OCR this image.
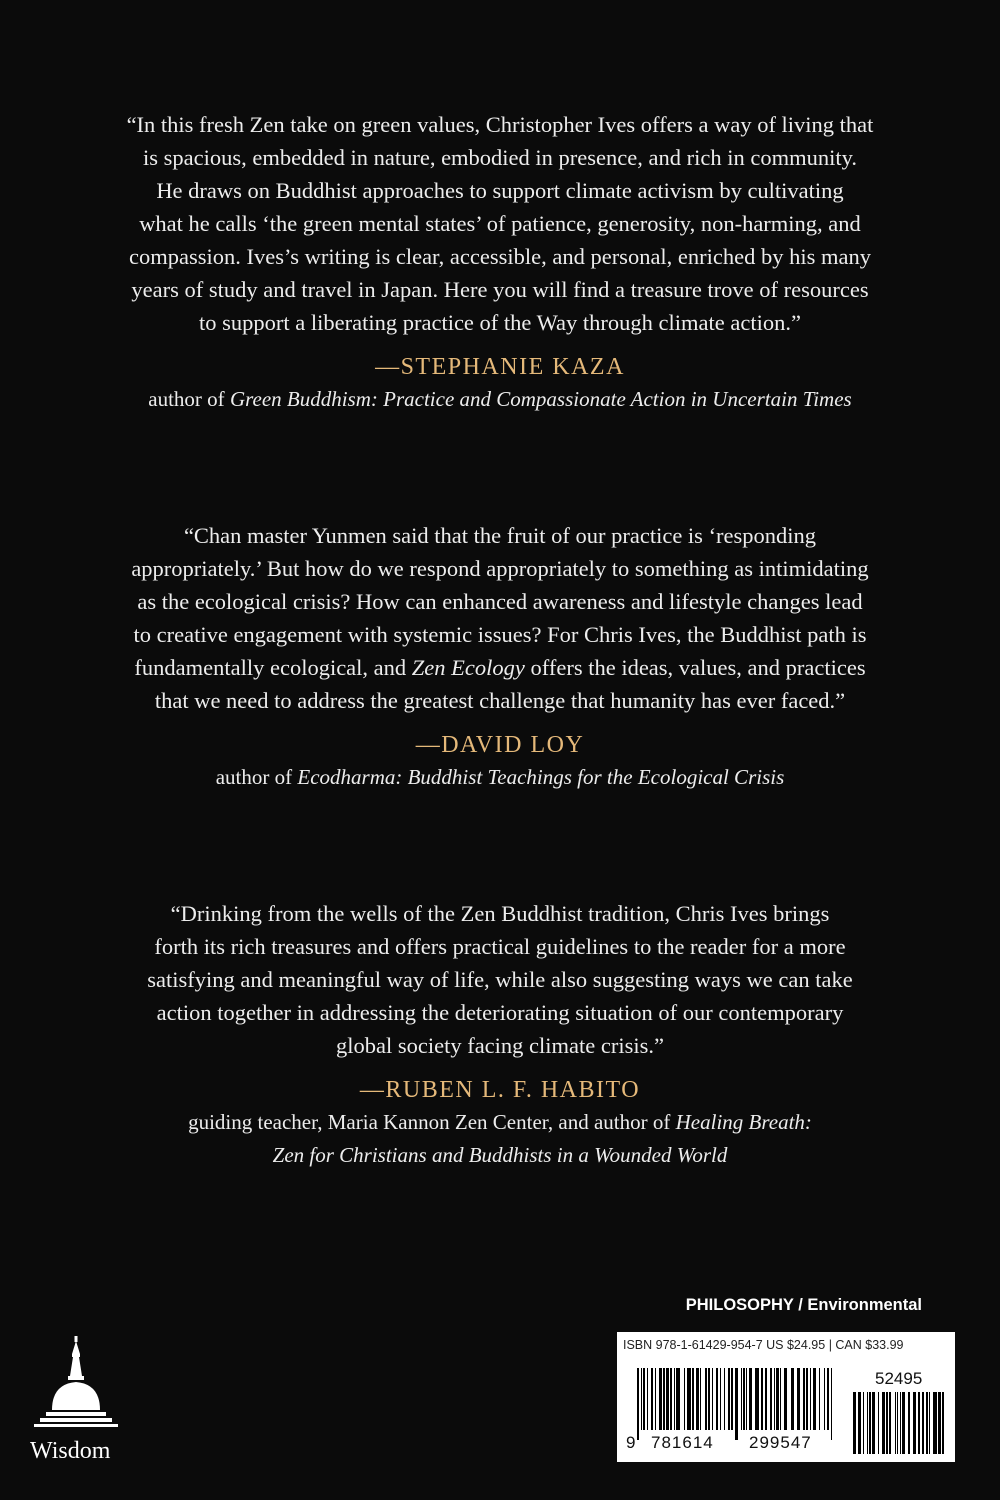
“In this fresh Zen take on green values, Christopher Ives offers a way of living that
is spacious, embedded in nature, embodied in presence, and rich in community.
He draws on Buddhist approaches to support climate activism by cultivating
what he calls ‘the green mental states’ of patience, generosity, non-harming, and
compassion. Ives’s writing is clear, accessible, and personal, enriched by his many
years of study and travel in Japan. Here you will find a treasure trove of resources
to support a liberating practice of the Way through climate action.”

—STEPHANIE KAZA

author of Green Buddhism: Practice and Compassionate Action in Uncertain Times

“Chan master Yunmen said that the fruit of our practice is ‘responding
appropriately.’ But how do we respond appropriately to something as intimidating
as the ecological crisis? How can enhanced awareness and lifestyle changes lead
to creative engagement with systemic issues? For Chris Ives, the Buddhist path is
fundamentally ecological, and Zen Ecology offers the ideas, values, and practices
that we need to address the greatest challenge that humanity has ever faced.”

—DAVID LOY

author of Ecodharma: Buddhist Teachings for the Ecological Crisis

“Drinking from the wells of the Zen Buddhist tradition, Chris Ives brings
forth its rich treasures and offers practical guidelines to the reader for a more
satisfying and meaningful way of life, while also suggesting ways we can take
action together in addressing the deteriorating situation of our contemporary
global society facing climate crisis.”

—RUBEN L. F. HABITO

guiding teacher, Maria Kannon Zen Center, and author of Healing Breath:
Zen for Christians and Buddhists in a Wounded World

PHILOSOPHY / Environmental
ISBN 978-1-61429-954-7 US $24.95 | CAN $33.99
52495
9 781614 299547
Wisdom
